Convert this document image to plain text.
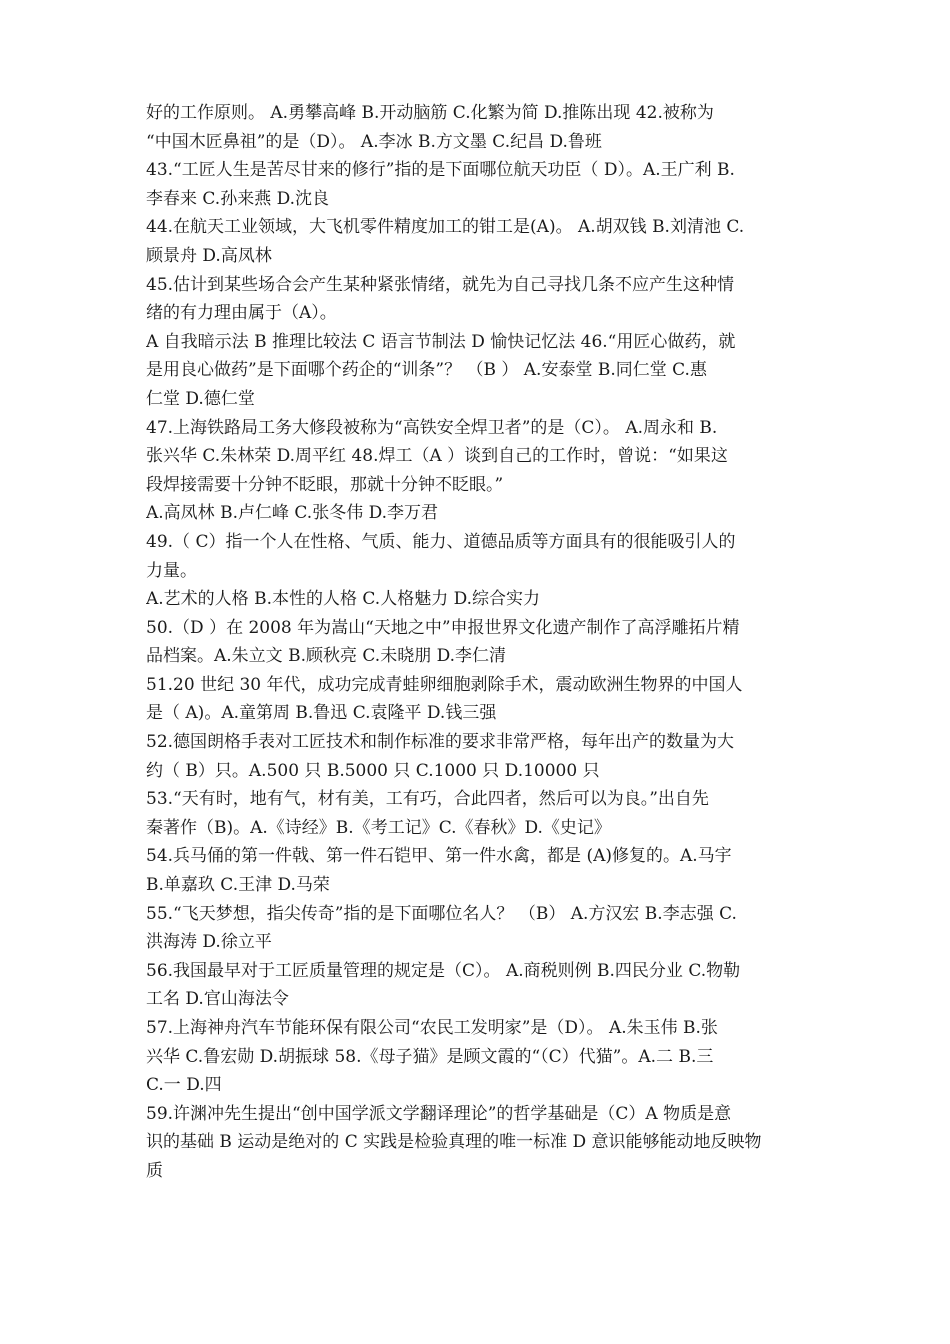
好的工作原则。 A.勇攀高峰 B.开动脑筋 C.化繁为简 D.推陈出现 42.被称为
“中国木匠鼻祖”的是（D）。 A.李冰 B.方文墨 C.纪昌 D.鲁班
43.“工匠人生是苦尽甘来的修行”指的是下面哪位航天功臣（ D）。A.王广利 B.
李春来 C.孙来燕 D.沈良
44.在航天工业领域，大飞机零件精度加工的钳工是(A)。 A.胡双钱 B.刘清池 C.
顾景舟 D.高凤林
45.估计到某些场合会产生某种紧张情绪，就先为自己寻找几条不应产生这种情
绪的有力理由属于（A）。
A 自我暗示法 B 推理比较法 C 语言节制法 D 愉快记忆法 46.“用匠心做药，就
是用良心做药”是下面哪个药企的“训条”？ （B ） A.安泰堂 B.同仁堂 C.惠
仁堂 D.德仁堂
47.上海铁路局工务大修段被称为“高铁安全焊卫者”的是（C）。 A.周永和 B.
张兴华 C.朱林荣 D.周平红 48.焊工（A ）谈到自己的工作时，曾说：“如果这
段焊接需要十分钟不眨眼，那就十分钟不眨眼。”
A.高凤林 B.卢仁峰 C.张冬伟 D.李万君
49.（ C）指一个人在性格、气质、能力、道德品质等方面具有的很能吸引人的
力量。
A.艺术的人格 B.本性的人格 C.人格魅力 D.综合实力
50.（D ）在 2008 年为嵩山“天地之中”申报世界文化遗产制作了高浮雕拓片精
品档案。A.朱立文 B.顾秋亮 C.未晓朋 D.李仁清
51.20 世纪 30 年代，成功完成青蛙卵细胞剥除手术，震动欧洲生物界的中国人
是（ A)。A.童第周 B.鲁迅 C.袁隆平 D.钱三强
52.德国朗格手表对工匠技术和制作标准的要求非常严格，每年出产的数量为大
约（ B）只。A.500 只 B.5000 只 C.1000 只 D.10000 只
53.“天有时，地有气，材有美，工有巧，合此四者，然后可以为良。”出自先
秦著作（B)。A.《诗经》B.《考工记》C.《春秋》D.《史记》
54.兵马俑的第一件戟、第一件石铠甲、第一件水禽，都是 (A)修复的。A.马宇
B.单嘉玖 C.王津 D.马荣
55.“飞天梦想，指尖传奇”指的是下面哪位名人？ （B） A.方汉宏 B.李志强 C.
洪海涛 D.徐立平
56.我国最早对于工匠质量管理的规定是（C）。 A.商税则例 B.四民分业 C.物勒
工名 D.官山海法令
57.上海神舟汽车节能环保有限公司“农民工发明家”是（D）。 A.朱玉伟 B.张
兴华 C.鲁宏勋 D.胡振球 58.《母子猫》是顾文霞的“（C）代猫”。A.二 B.三
C.一 D.四
59.许渊冲先生提出“创中国学派文学翻译理论”的哲学基础是（C）A 物质是意
识的基础 B 运动是绝对的 C 实践是检验真理的唯一标准 D 意识能够能动地反映物
质
